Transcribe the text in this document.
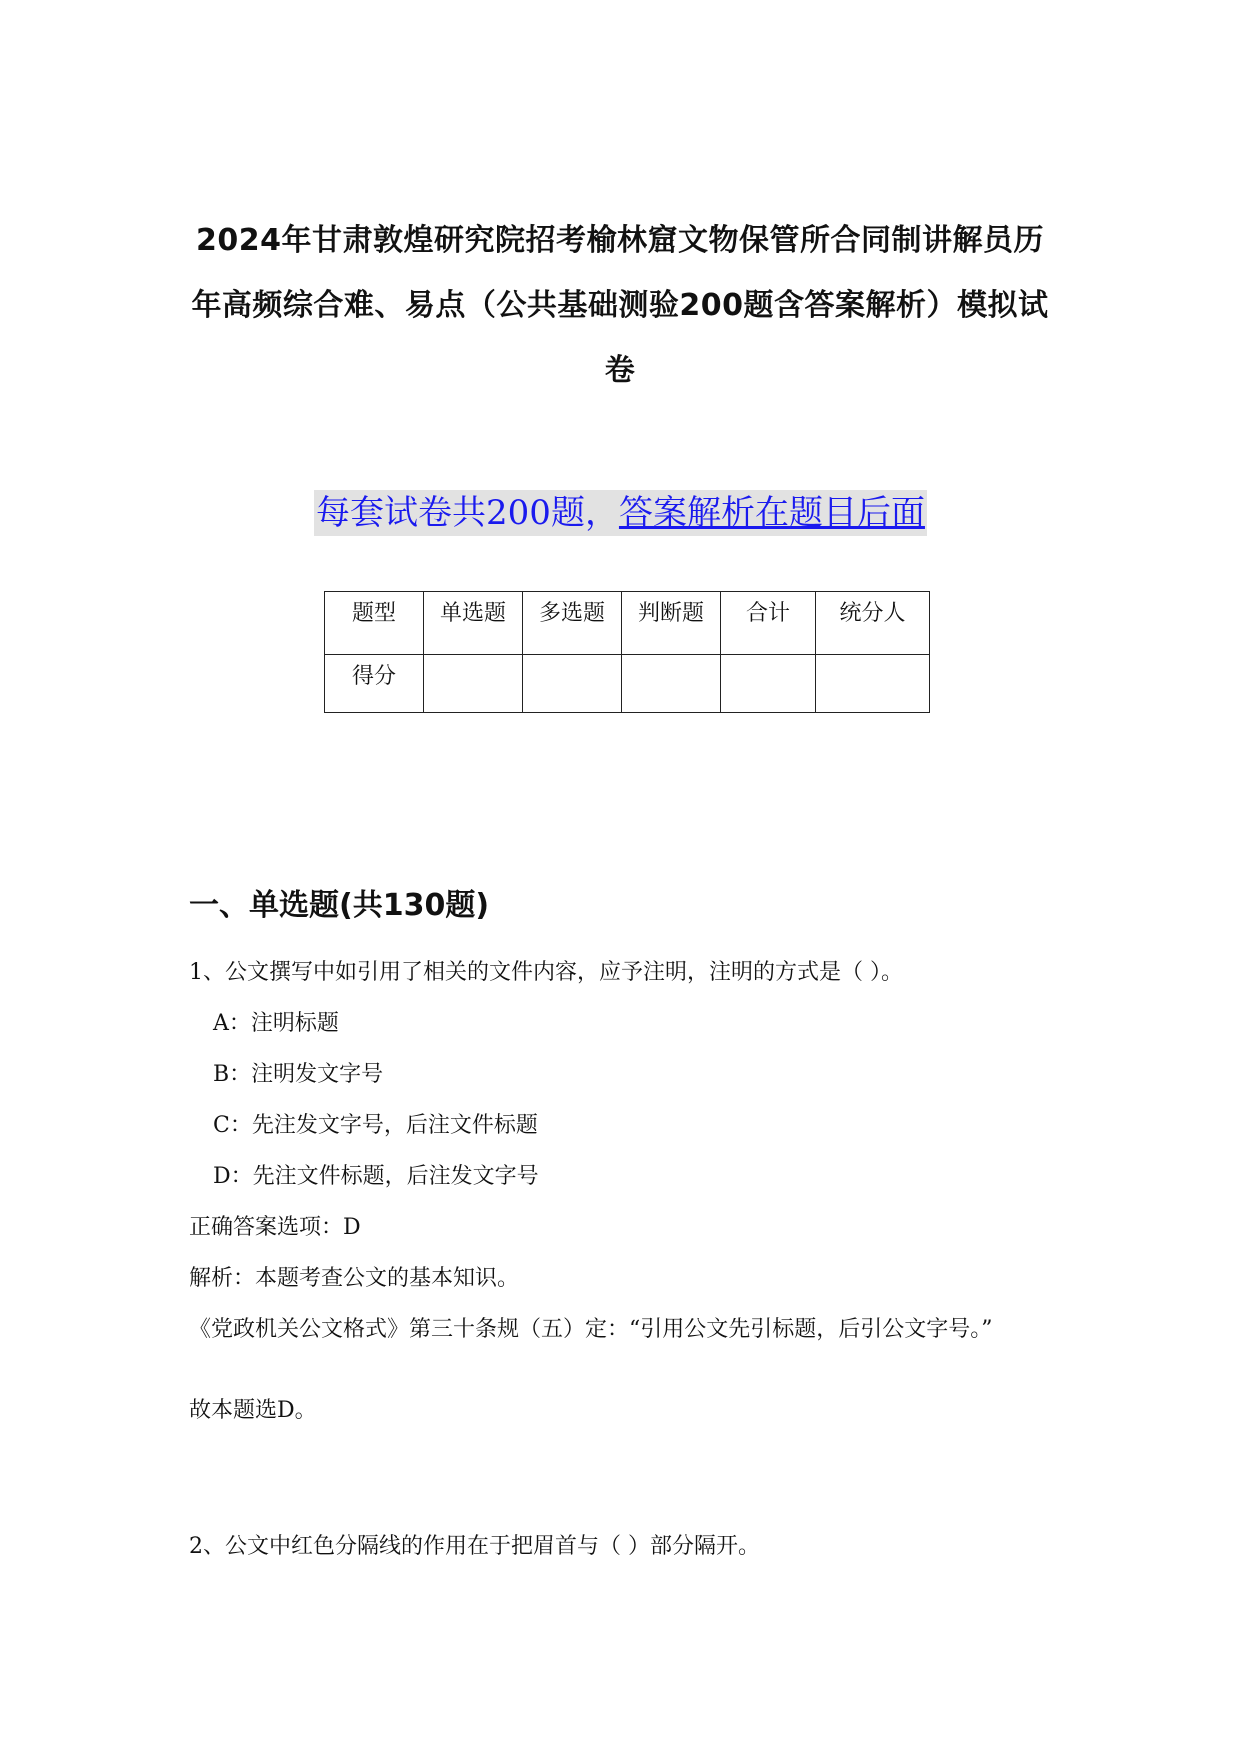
2024年甘肃敦煌研究院招考榆林窟文物保管所合同制讲解员历年高频综合难、易点（公共基础测验200题含答案解析）模拟试卷
每套试卷共200题，答案解析在题目后面
题型	单选题	多选题	判断题	合计	统分人
得分					
一、单选题(共130题)
1、公文撰写中如引用了相关的文件内容，应予注明，注明的方式是（ ）。
A：注明标题
B：注明发文字号
C：先注发文字号，后注文件标题
D：先注文件标题，后注发文字号
正确答案选项：D
解析：本题考查公文的基本知识。
《党政机关公文格式》第三十条规（五）定：“引用公文先引标题，后引公文字号。”
故本题选D。
2、公文中红色分隔线的作用在于把眉首与（ ）部分隔开。
